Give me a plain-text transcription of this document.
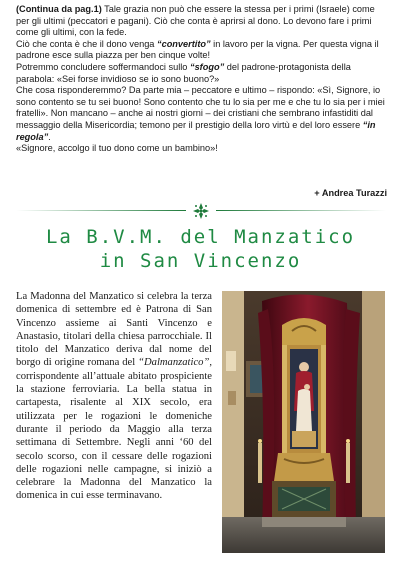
(Continua da pag.1) Tale grazia non può che essere la stessa per i primi (Israele) come per gli ultimi (peccatori e pagani). Ciò che conta è aprirsi al dono. Lo devono fare i primi come gli ultimi, con la fede.

Ciò che conta è che il dono venga “convertito” in lavoro per la vigna. Per questa vigna il padrone esce sulla piazza per ben cinque volte!

Potremmo concludere soffermandoci sullo “sfogo” del padrone-protagonista della parabola: «Sei forse invidioso se io sono buono?»

Che cosa risponderemmo? Da parte mia – peccatore e ultimo – rispondo: «Sì, Signore, io sono contento se tu sei buono! Sono contento che tu lo sia per me e che tu lo sia per i miei fratelli». Non mancano – anche ai nostri giorni – dei cristiani che sembrano infastiditi dal messaggio della Misericordia; temono per il prestigio della loro virtù e del loro essere “in regola”.

«Signore, accolgo il tuo dono come un bambino»!

+ Andrea Turazzi
La B.V.M. del Manzatico
in San Vincenzo

La Madonna del Manzatico si celebra la terza domenica di settembre ed è Patrona di San Vincenzo assieme ai Santi Vincenzo e Anastasio, titolari della chiesa parrocchiale. Il titolo del Manzatico deriva dal nome del borgo di origine romana del “Dalmanzatico”, corrispondente all’attuale abitato prospiciente la stazione ferroviaria. La bella statua in cartapesta, risalente al XIX secolo, era utilizzata per le rogazioni le domeniche durante il periodo da Maggio alla terza settimana di Settembre. Negli anni ‘60 del secolo scorso, con il cessare delle rogazioni delle rogazioni nelle campagne, si iniziò a celebrare la Madonna del Manzatico la domenica in cui esse terminavano.
